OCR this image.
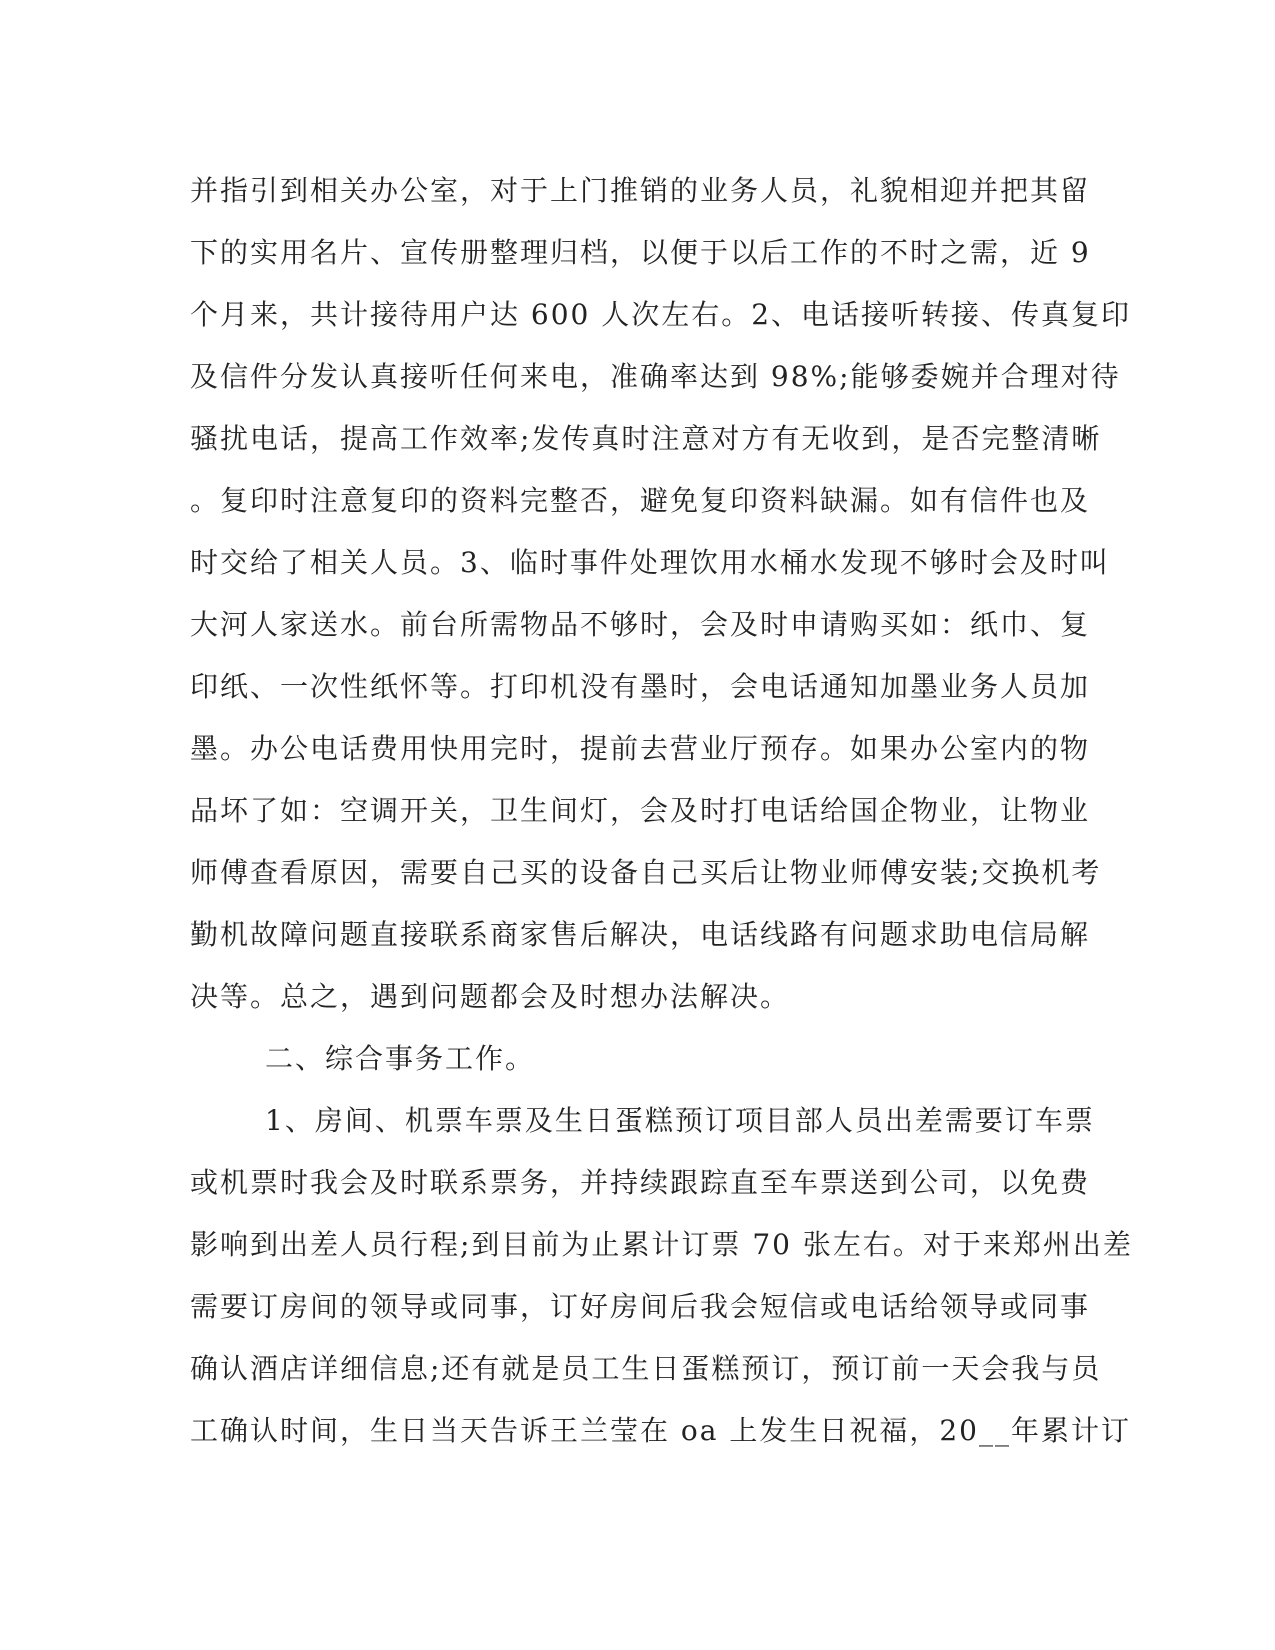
并指引到相关办公室，对于上门推销的业务人员，礼貌相迎并把其留
下的实用名片、宣传册整理归档，以便于以后工作的不时之需，近 9
个月来，共计接待用户达 600 人次左右。2、电话接听转接、传真复印
及信件分发认真接听任何来电，准确率达到 98%;能够委婉并合理对待
骚扰电话，提高工作效率;发传真时注意对方有无收到，是否完整清晰
。复印时注意复印的资料完整否，避免复印资料缺漏。如有信件也及
时交给了相关人员。3、临时事件处理饮用水桶水发现不够时会及时叫
大河人家送水。前台所需物品不够时，会及时申请购买如：纸巾、复
印纸、一次性纸怀等。打印机没有墨时，会电话通知加墨业务人员加
墨。办公电话费用快用完时，提前去营业厅预存。如果办公室内的物
品坏了如：空调开关，卫生间灯，会及时打电话给国企物业，让物业
师傅查看原因，需要自己买的设备自己买后让物业师傅安装;交换机考
勤机故障问题直接联系商家售后解决，电话线路有问题求助电信局解
决等。总之，遇到问题都会及时想办法解决。
二、综合事务工作。
1、房间、机票车票及生日蛋糕预订项目部人员出差需要订车票
或机票时我会及时联系票务，并持续跟踪直至车票送到公司，以免费
影响到出差人员行程;到目前为止累计订票 70 张左右。对于来郑州出差
需要订房间的领导或同事，订好房间后我会短信或电话给领导或同事
确认酒店详细信息;还有就是员工生日蛋糕预订，预订前一天会我与员
工确认时间，生日当天告诉王兰莹在 oa 上发生日祝福，20__年累计订
